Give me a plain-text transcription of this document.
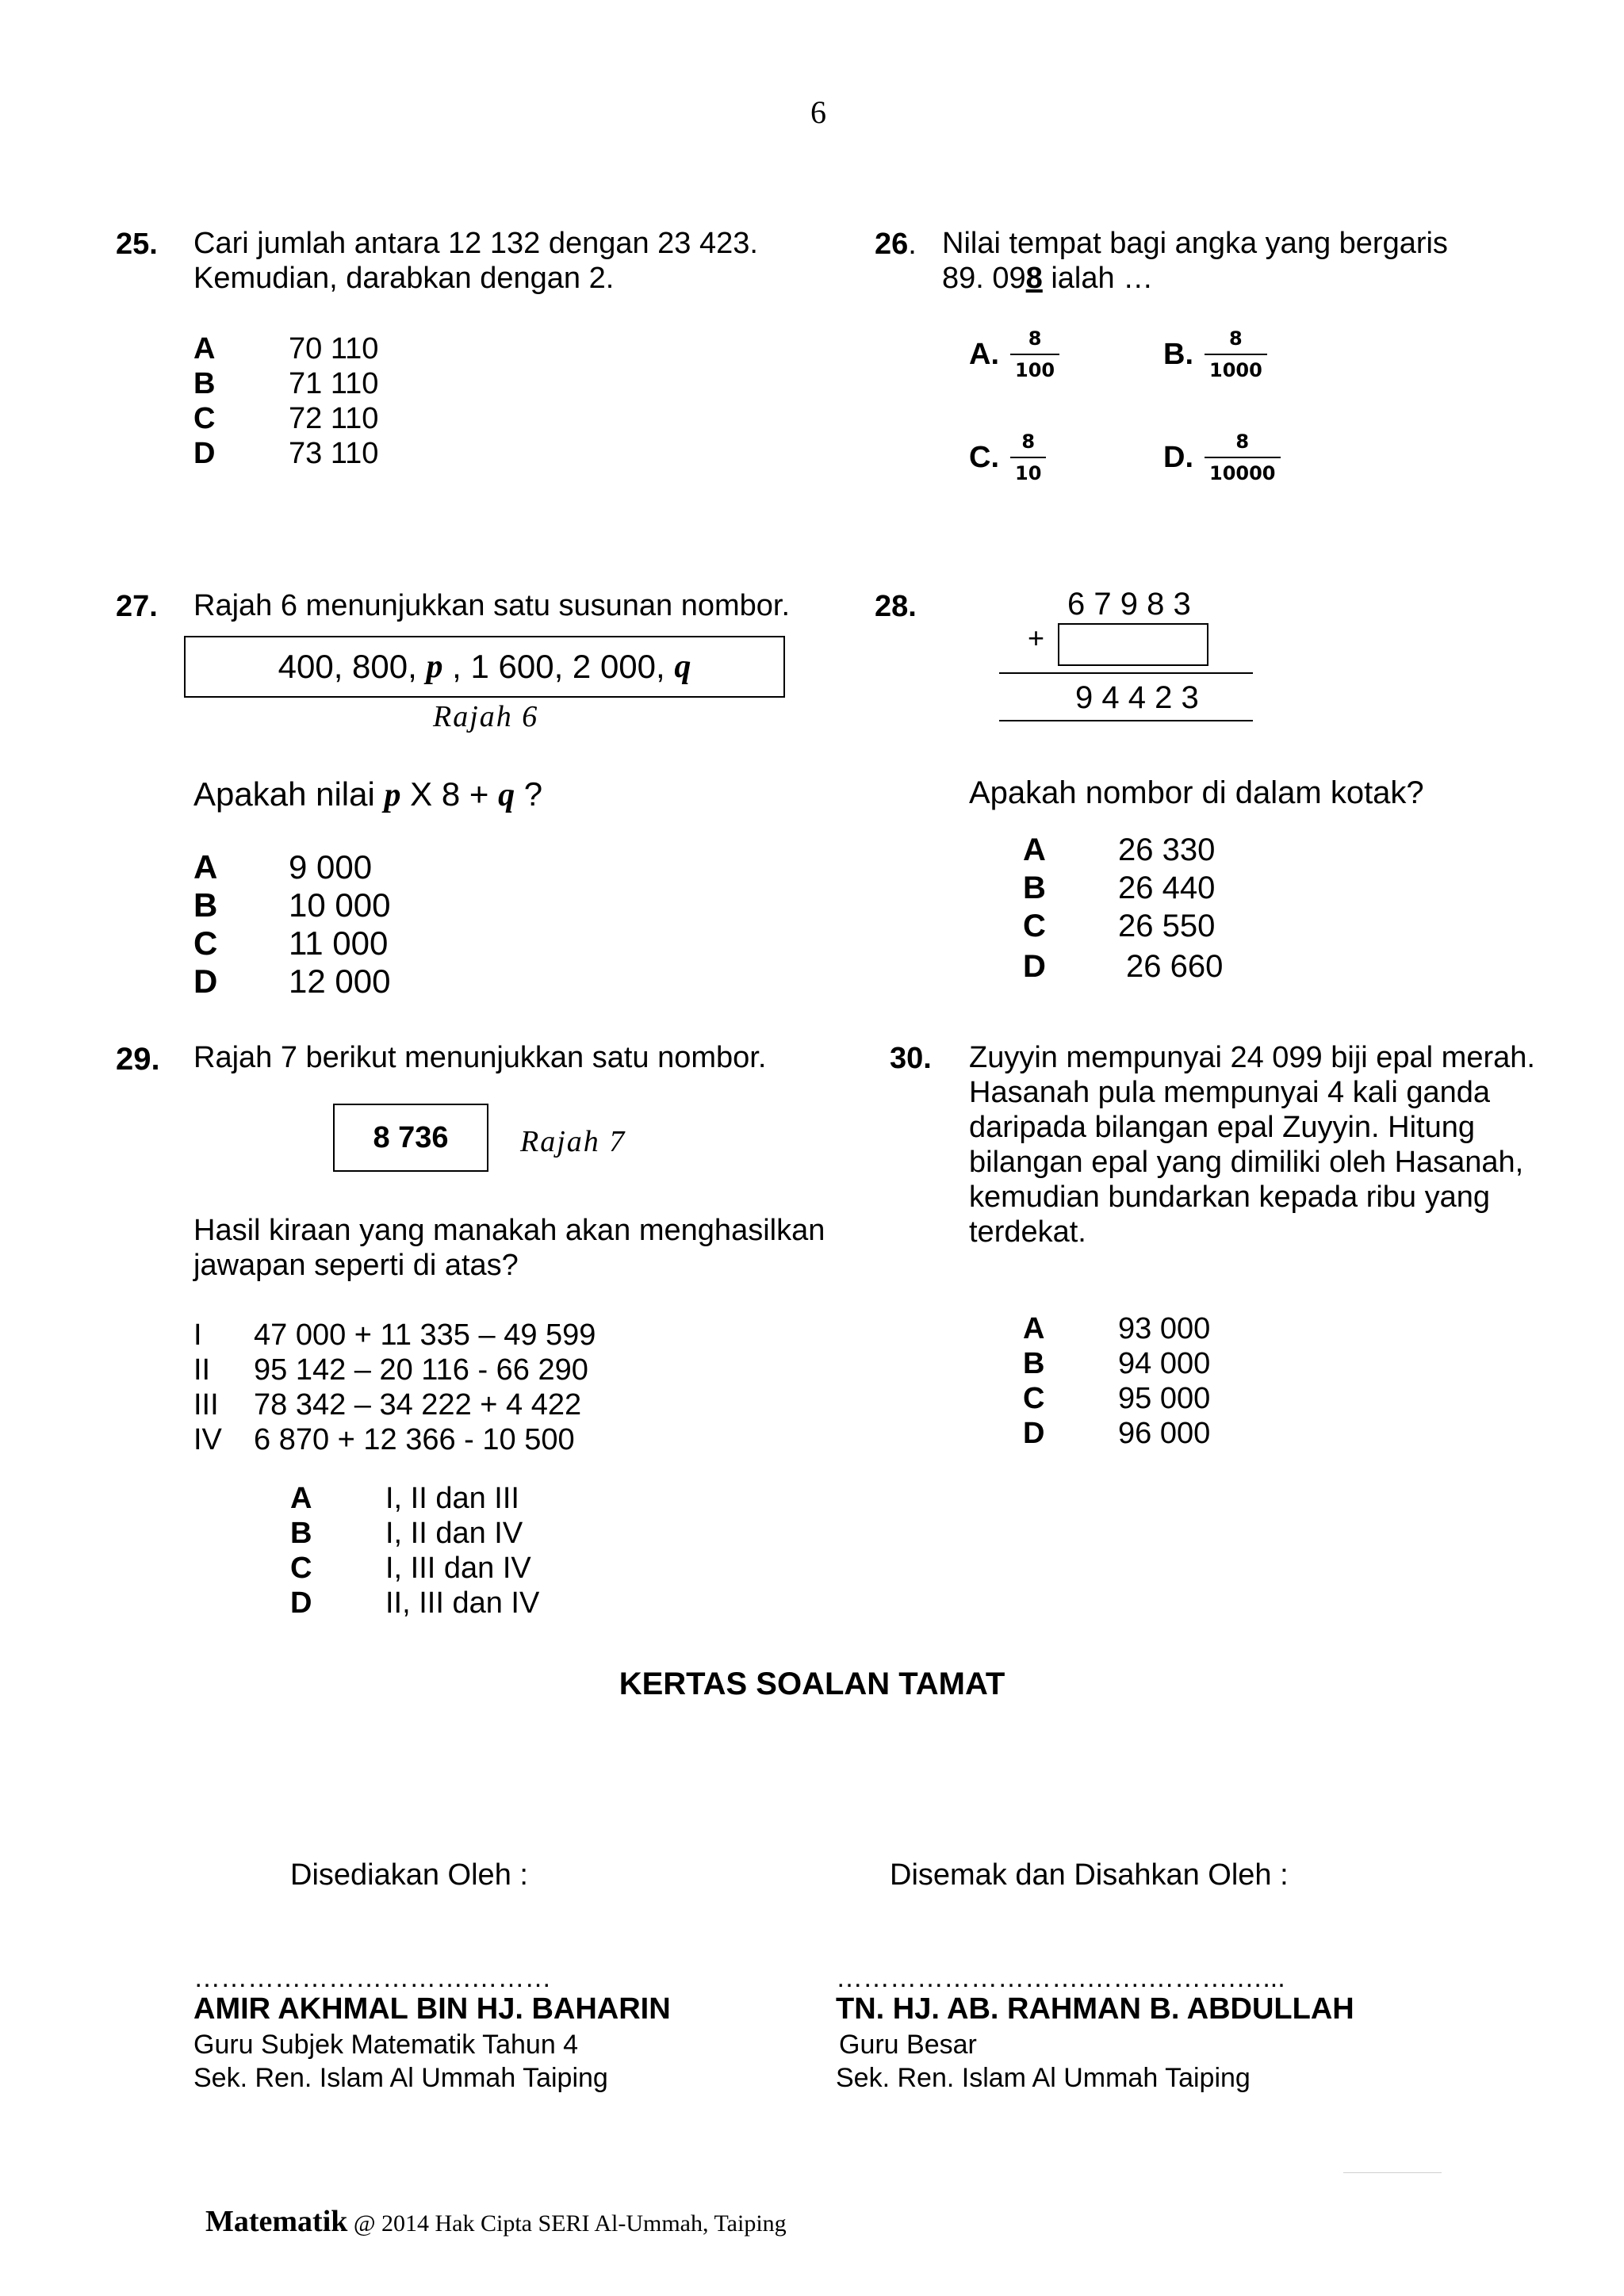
6
25. Cari jumlah antara 12 132 dengan 23 423.
Kemudian, darabkan dengan 2.
A	70 110
B	71 110
C	72 110
D	73 110
26. Nilai tempat bagi angka yang bergaris
89. 098 ialah …
A. $\frac{8}{100}$	B. $\frac{8}{1000}$
C. $\frac{8}{10}$	D. $\frac{8}{10000}$
27. Rajah 6 menunjukkan satu susunan nombor.
400, 800, p , 1 600, 2 000, q
Rajah 6
Apakah nilai p X 8 + q ?
A	9 000
B	10 000
C	11 000
D	12 000
28.	6 7 9 8 3
+
9 4 4 2 3
Apakah nombor di dalam kotak?
A	26 330
B	26 440
C	26 550
D	26 660
29. Rajah 7 berikut menunjukkan satu nombor.
8 736	Rajah 7
Hasil kiraan yang manakah akan menghasilkan
jawapan seperti di atas?
I	47 000 + 11 335 – 49 599
II	95 142 – 20 116 - 66 290
III	78 342 – 34 222 + 4 422
IV	6 870 + 12 366 - 10 500
A	I, II dan III
B	I, II dan IV
C	I, III dan IV
D	II, III dan IV
30. Zuyyin mempunyai 24 099 biji epal merah.
Hasanah pula mempunyai 4 kali ganda
daripada bilangan epal Zuyyin. Hitung
bilangan epal yang dimiliki oleh Hasanah,
kemudian bundarkan kepada ribu yang
terdekat.
A	93 000
B	94 000
C	95 000
D	96 000
KERTAS SOALAN TAMAT
Disediakan Oleh :	Disemak dan Disahkan Oleh :
………………………….………
AMIR AKHMAL BIN HJ. BAHARIN
Guru Subjek Matematik Tahun 4
Sek. Ren. Islam Al Ummah Taiping
……………………….…….……….…...
TN. HJ. AB. RAHMAN B. ABDULLAH
Guru Besar
Sek. Ren. Islam Al Ummah Taiping

Matematik @ 2014 Hak Cipta SERI Al-Ummah, Taiping
